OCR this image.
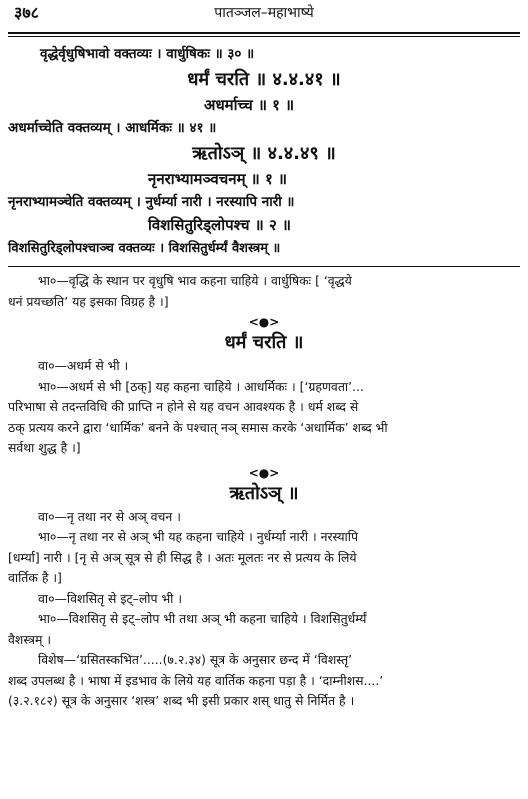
३७८	पातञ्जल–महाभाष्ये
वृद्धेर्वृधुषिभावो वक्तव्यः । वार्धुषिकः ॥ ३० ॥
धर्मं चरति ॥ ४.४.४१ ॥
अधर्माच्च ॥ १ ॥
अधर्माच्चेति वक्तव्यम् । आधर्मिकः ॥ ४१ ॥
ऋतोऽञ् ॥ ४.४.४९ ॥
नृनराभ्यामञ्वचनम् ॥ १ ॥
नृनराभ्यामञ्चेति वक्तव्यम् । नुर्धर्म्या नारी । नरस्यापि नारी ॥
विशसितुरिड्लोपश्च ॥ २ ॥
विशसितुरिड्लोपश्चाञ्च वक्तव्यः । विशसितुर्धर्म्यं वैशस्त्रम् ॥
भा०—वृद्धि के स्थान पर वृधुषि भाव कहना चाहिये । वार्धुषिकः [ ‘वृद्धये
धनं प्रयच्छति’ यह इसका विग्रह है ।]
<●>
धर्मं चरति ॥
वा०—अधर्म से भी ।
भा०—अधर्म से भी [ठक्] यह कहना चाहिये । आधर्मिकः । [‘ग्रहणवता’...
परिभाषा से तदन्तविधि की प्राप्ति न होने से यह वचन आवश्यक है । धर्म शब्द से
ठक् प्रत्यय करने द्वारा ‘धार्मिक’ बनने के पश्चात् नञ् समास करके ‘अधार्मिक’ शब्द भी
सर्वथा शुद्ध है ।]
<●>
ऋतोऽञ् ॥
वा०—नृ तथा नर से अञ् वचन ।
भा०—नृ तथा नर से अञ् भी यह कहना चाहिये । नुर्धर्म्या नारी । नरस्यापि
[धर्म्या] नारी । [नृ से अञ् सूत्र से ही सिद्ध है । अतः मूलतः नर से प्रत्यय के लिये
वार्तिक है ।]
वा०—विशसितृ से इट्–लोप भी ।
भा०—विशसितृ से इट्–लोप भी तथा अञ् भी कहना चाहिये । विशसितुर्धर्म्यं
वैशस्त्रम् ।
विशेष—‘ग्रसितस्कभित’.....(७.२.३४) सूत्र के अनुसार छन्द में ‘विशस्तृ’
शब्द उपलब्ध है । भाषा में इडभाव के लिये यह वार्तिक कहना पड़ा है । ‘दाम्नीशस....’
(३.२.१८२) सूत्र के अनुसार ‘शस्त्र’ शब्द भी इसी प्रकार शस् धातु से निर्मित है ।
